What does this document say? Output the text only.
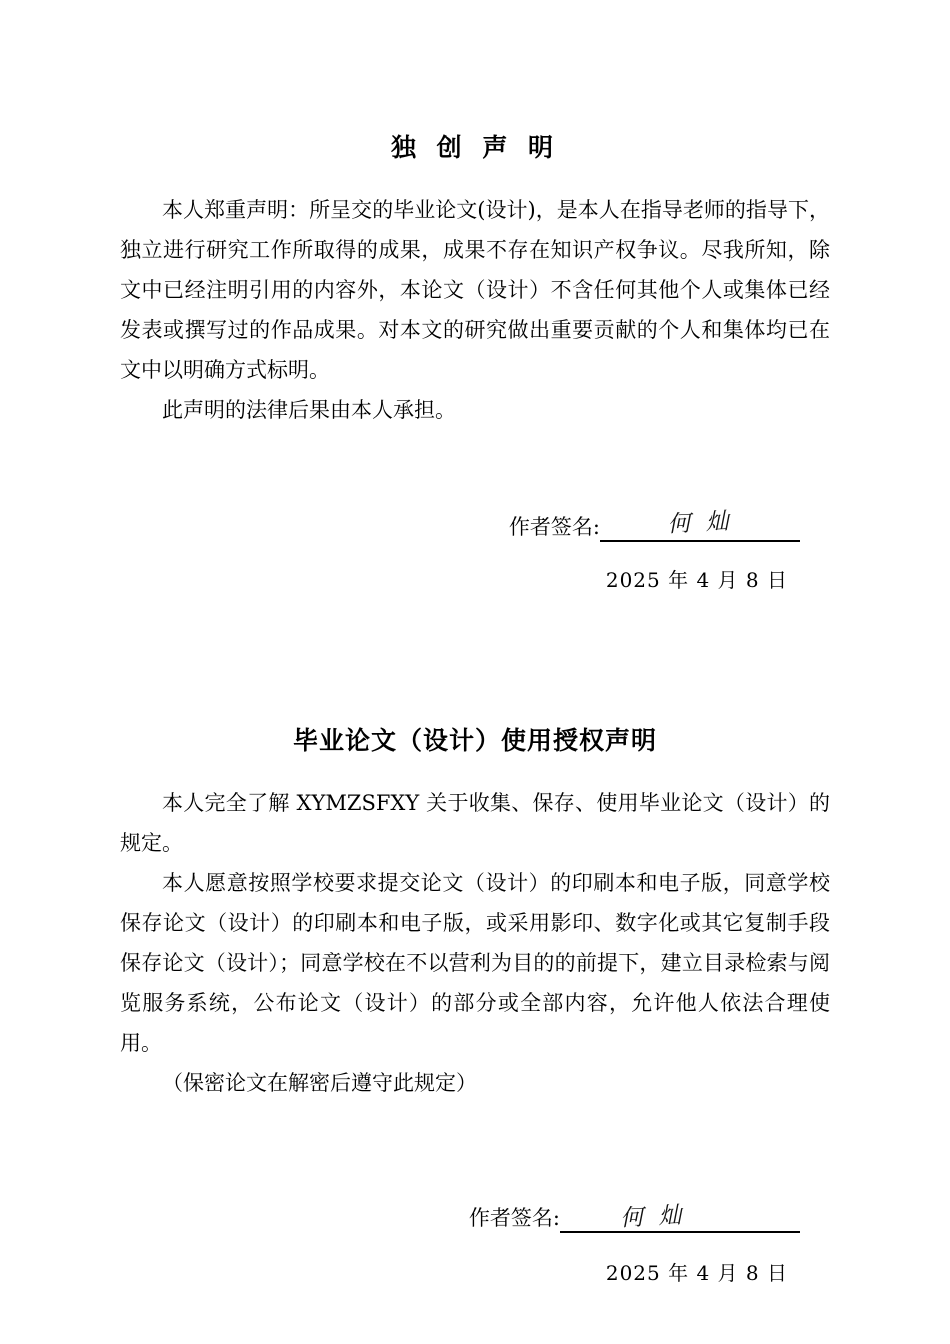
独 创 声 明

本人郑重声明：所呈交的毕业论文(设计)，是本人在指导老师的指导下，独立进行研究工作所取得的成果，成果不存在知识产权争议。尽我所知，除文中已经注明引用的内容外，本论文（设计）不含任何其他个人或集体已经发表或撰写过的作品成果。对本文的研究做出重要贡献的个人和集体均已在文中以明确方式标明。

此声明的法律后果由本人承担。

作者签名:	何 灿
2025 年 4 月 8 日
毕业论文（设计）使用授权声明

本人完全了解 XYMZSFXY 关于收集、保存、使用毕业论文（设计）的规定。

本人愿意按照学校要求提交论文（设计）的印刷本和电子版，同意学校保存论文（设计）的印刷本和电子版，或采用影印、数字化或其它复制手段保存论文（设计）；同意学校在不以营利为目的的前提下，建立目录检索与阅览服务系统，公布论文（设计）的部分或全部内容，允许他人依法合理使用。

（保密论文在解密后遵守此规定）

作者签名:	何 灿
2025 年 4 月 8 日
